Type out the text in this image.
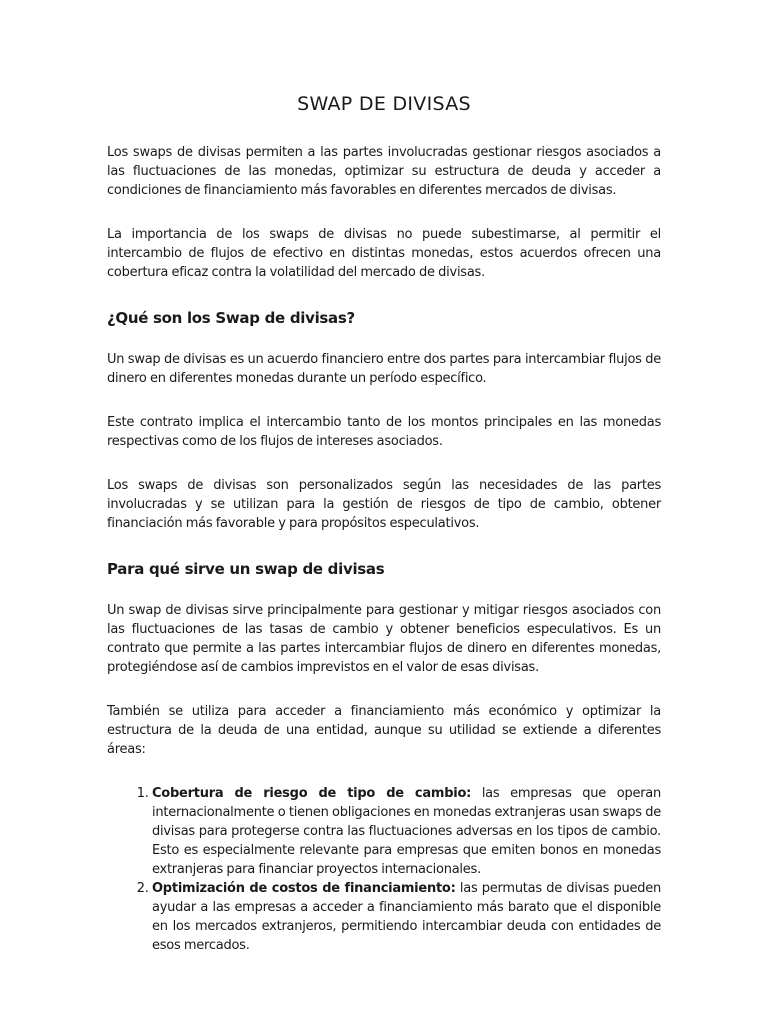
SWAP DE DIVISAS

Los swaps de divisas permiten a las partes involucradas gestionar riesgos asociados a las fluctuaciones de las monedas, optimizar su estructura de deuda y acceder a condiciones de financiamiento más favorables en diferentes mercados de divisas.

La importancia de los swaps de divisas no puede subestimarse, al permitir el intercambio de flujos de efectivo en distintas monedas, estos acuerdos ofrecen una cobertura eficaz contra la volatilidad del mercado de divisas.

¿Qué son los Swap de divisas?

Un swap de divisas es un acuerdo financiero entre dos partes para intercambiar flujos de dinero en diferentes monedas durante un período específico.

Este contrato implica el intercambio tanto de los montos principales en las monedas respectivas como de los flujos de intereses asociados.

Los swaps de divisas son personalizados según las necesidades de las partes involucradas y se utilizan para la gestión de riesgos de tipo de cambio, obtener financiación más favorable y para propósitos especulativos.

Para qué sirve un swap de divisas

Un swap de divisas sirve principalmente para gestionar y mitigar riesgos asociados con las fluctuaciones de las tasas de cambio y obtener beneficios especulativos. Es un contrato que permite a las partes intercambiar flujos de dinero en diferentes monedas, protegiéndose así de cambios imprevistos en el valor de esas divisas.

También se utiliza para acceder a financiamiento más económico y optimizar la estructura de la deuda de una entidad, aunque su utilidad se extiende a diferentes áreas:

1. Cobertura de riesgo de tipo de cambio: las empresas que operan internacionalmente o tienen obligaciones en monedas extranjeras usan swaps de divisas para protegerse contra las fluctuaciones adversas en los tipos de cambio. Esto es especialmente relevante para empresas que emiten bonos en monedas extranjeras para financiar proyectos internacionales.
2. Optimización de costos de financiamiento: las permutas de divisas pueden ayudar a las empresas a acceder a financiamiento más barato que el disponible en los mercados extranjeros, permitiendo intercambiar deuda con entidades de esos mercados.
